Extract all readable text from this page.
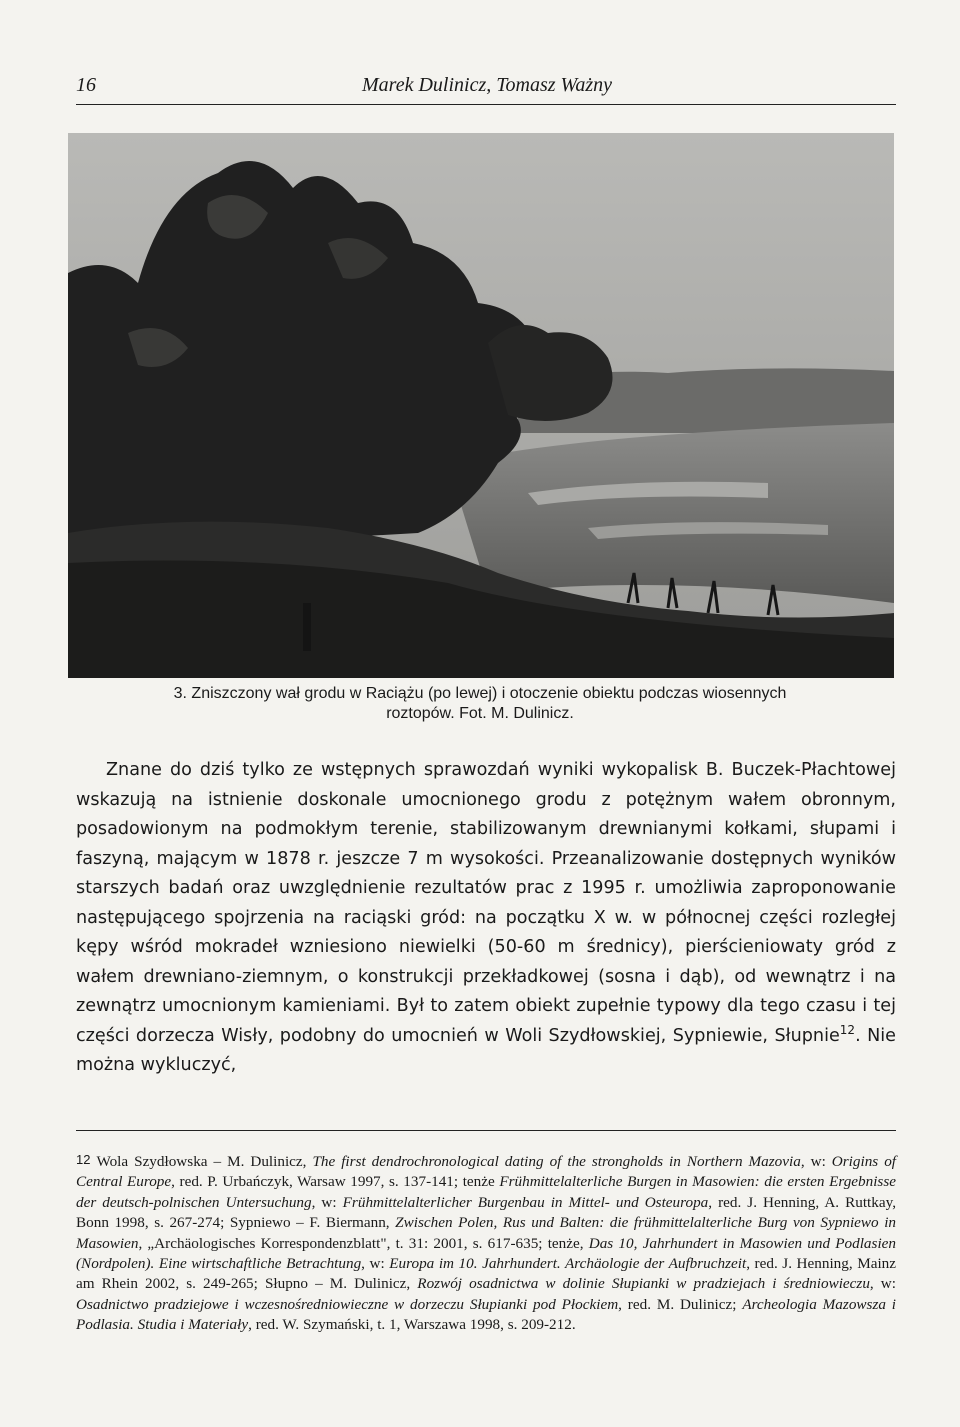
16	Marek Dulinicz, Tomasz Ważny
3. Zniszczony wał grodu w Raciążu (po lewej) i otoczenie obiektu podczas wiosennych
roztopów. Fot. M. Dulinicz.

Znane do dziś tylko ze wstępnych sprawozdań wyniki wykopalisk B. Buczek-Płachtowej wskazują na istnienie doskonale umocnionego grodu z potężnym wałem obronnym, posadowionym na podmokłym terenie, stabilizowanym drewnianymi kołkami, słupami i faszyną, mającym w 1878 r. jeszcze 7 m wysokości. Przeanalizowanie dostępnych wyników starszych badań oraz uwzględnienie rezultatów prac z 1995 r. umożliwia zaproponowanie następującego spojrzenia na raciąski gród: na początku X w. w północnej części rozległej kępy wśród mokradeł wzniesiono niewielki (50-60 m średnicy), pierścieniowaty gród z wałem drewniano-ziemnym, o konstrukcji przekładkowej (sosna i dąb), od wewnątrz i na zewnątrz umocnionym kamieniami. Był to zatem obiekt zupełnie typowy dla tego czasu i tej części dorzecza Wisły, podobny do umocnień w Woli Szydłowskiej, Sypniewie, Słupnie$^{12}$. Nie można wykluczyć,

12 Wola Szydłowska – M. Dulinicz, The first dendrochronological dating of the strongholds in Northern Mazovia, w: Origins of Central Europe, red. P. Urbańczyk, Warsaw 1997, s. 137-141; tenże Frühmittelalterliche Burgen in Masowien: die ersten Ergebnisse der deutsch-polnischen Untersuchung, w: Frühmittelalterlicher Burgenbau in Mittel- und Osteuropa, red. J. Henning, A. Ruttkay, Bonn 1998, s. 267-274; Sypniewo – F. Biermann, Zwischen Polen, Rus und Balten: die frühmittelalterliche Burg von Sypniewo in Masowien, „Archäologisches Korrespondenzblatt", t. 31: 2001, s. 617-635; tenże, Das 10, Jahrhundert in Masowien und Podlasien (Nordpolen). Eine wirtschaftliche Betrachtung, w: Europa im 10. Jahrhundert. Archäologie der Aufbruchzeit, red. J. Henning, Mainz am Rhein 2002, s. 249-265; Słupno – M. Dulinicz, Rozwój osadnictwa w dolinie Słupianki w pradziejach i średniowieczu, w: Osadnictwo pradziejowe i wczesnośredniowieczne w dorzeczu Słupianki pod Płockiem, red. M. Dulinicz; Archeologia Mazowsza i Podlasia. Studia i Materiały, red. W. Szymański, t. 1, Warszawa 1998, s. 209-212.
